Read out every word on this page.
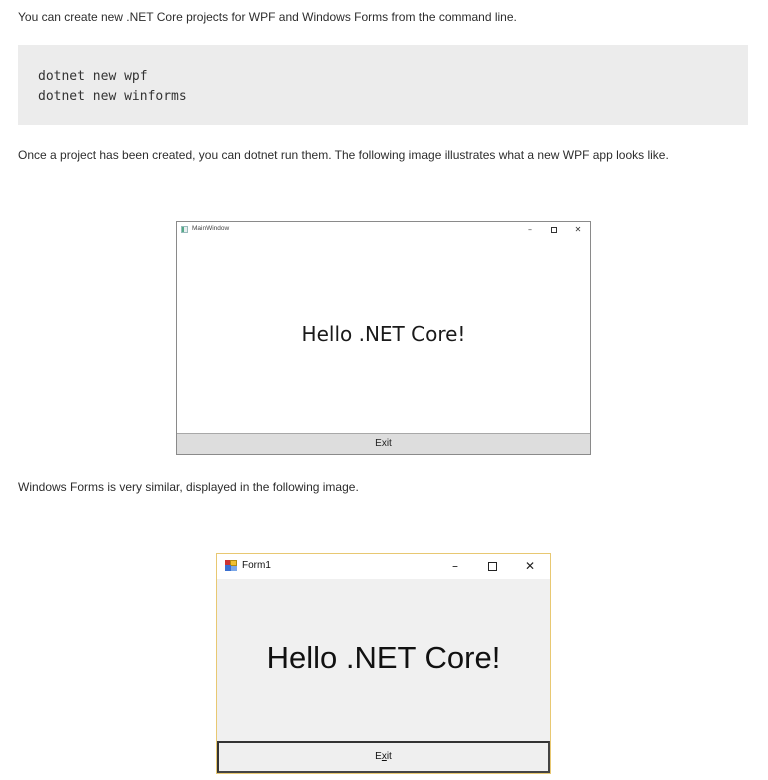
You can create new .NET Core projects for WPF and Windows Forms from the command line.

dotnet new wpf
dotnet new winforms

Once a project has been created, you can dotnet run them. The following image illustrates what a new WPF app looks like.

MainWindow	–	✕
Hello .NET Core!
Exit

Windows Forms is very similar, displayed in the following image.

Form1	–	✕
Hello .NET Core!
Exit
